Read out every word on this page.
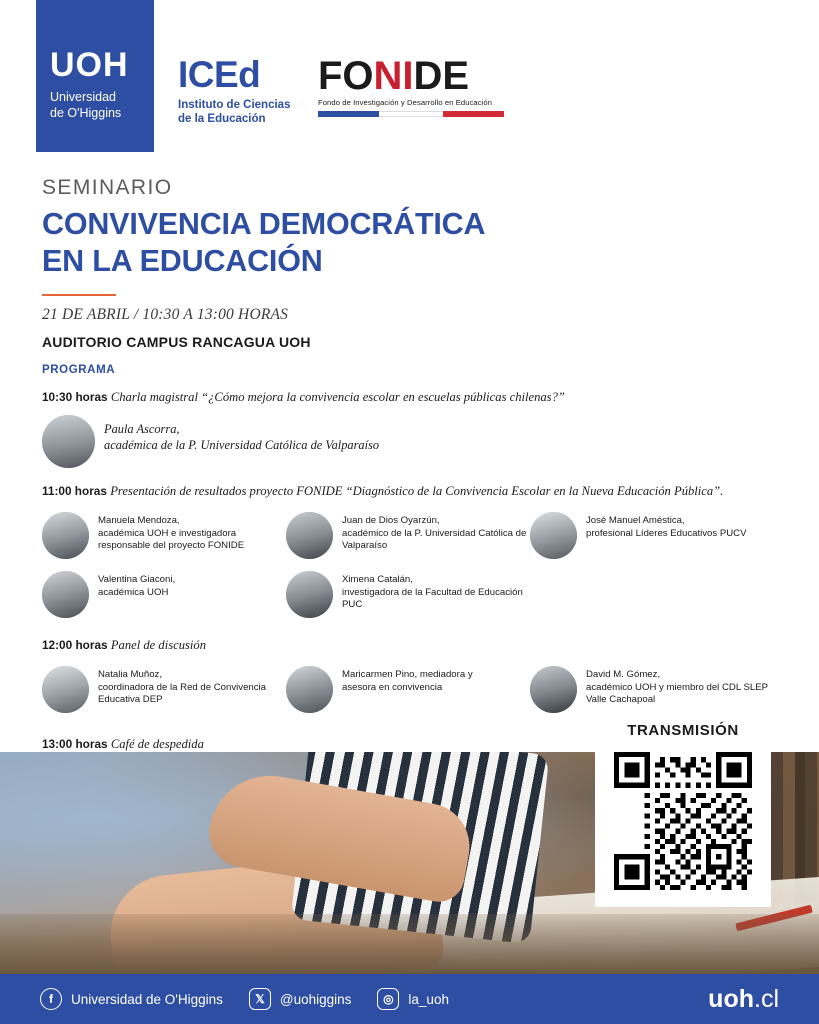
UOH
Universidad
de O'Higgins
ICEd
Instituto de Ciencias
de la Educación
FONIDE
Fondo de Investigación y Desarrollo en Educación
SEMINARIO
CONVIVENCIA DEMOCRÁTICA
EN LA EDUCACIÓN
21 DE ABRIL / 10:30 A 13:00 HORAS
AUDITORIO CAMPUS RANCAGUA UOH
PROGRAMA
10:30 horas Charla magistral “¿Cómo mejora la convivencia escolar en escuelas públicas chilenas?”
Paula Ascorra,
académica de la P. Universidad Católica de Valparaíso
11:00 horas Presentación de resultados proyecto FONIDE “Diagnóstico de la Convivencia Escolar en la Nueva Educación Pública”.
Manuela Mendoza,
académica UOH e investigadora responsable del proyecto FONIDE
Juan de Dios Oyarzún,
académico de la P. Universidad Católica de Valparaíso
José Manuel Améstica,
profesional Líderes Educativos PUCV
Valentina Giaconi,
académica UOH
Ximena Catalán,
investigadora de la Facultad de Educación PUC
12:00 horas Panel de discusión
Natalia Muñoz,
coordinadora de la Red de Convivencia Educativa DEP
Maricarmen Pino, mediadora y
asesora en convivencia
David M. Gómez,
académico UOH y miembro del CDL SLEP Valle Cachapoal
13:00 horas Café de despedida
TRANSMISIÓN
f	Universidad de O'Higgins	𝕏	@uohiggins	◎	la_uoh	uoh.cl
